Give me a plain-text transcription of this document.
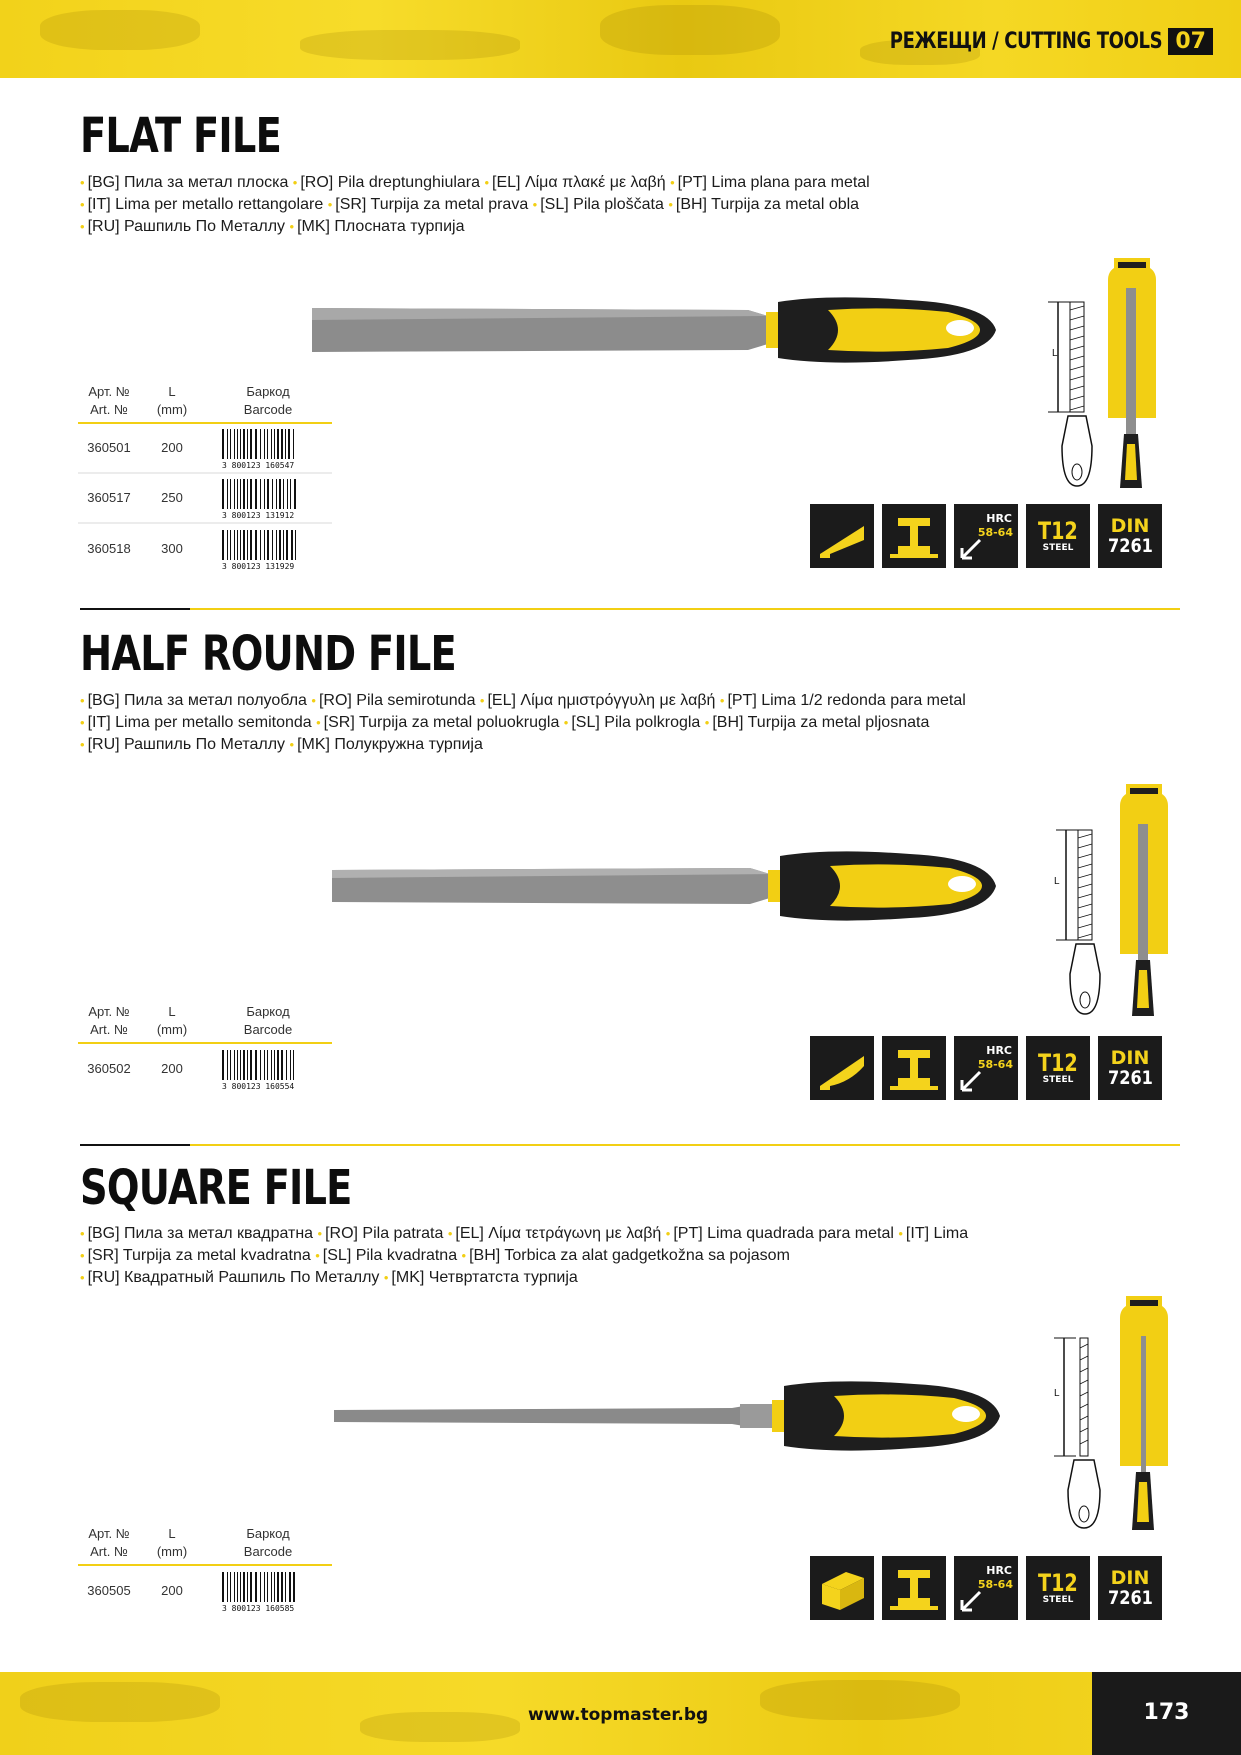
РЕЖЕЩИ / CUTTING TOOLS 07
FLAT FILE
• [BG] Пила за метал плоска • [RO] Pila dreptunghiulara • [EL] Λίμα πλακέ με λαβή • [PT] Lima plana para metal
• [IT] Lima per metallo rettangolare • [SR] Turpija za metal prava • [SL] Pila ploščata • [BH] Turpija za metal obla
• [RU] Рашпиль По Металлу • [MK] Плосната турпија
L
Арт. №
Art. №
L
(mm)
Баркод
Barcode
360501	200
3 800123 160547
360517	250
3 800123 131912
360518	300
3 800123 131929
HRC
58-64 T12
STEEL
DIN
7261
HALF ROUND FILE
• [BG] Пила за метал полуобла • [RO] Pila semirotunda • [EL] Λίμα ημιστρόγγυλη με λαβή • [PT] Lima 1/2 redonda para metal
• [IT] Lima per metallo semitonda • [SR] Turpija za metal poluokrugla • [SL] Pila polkrogla • [BH] Turpija za metal pljosnata
• [RU] Рашпиль По Металлу • [MK] Полукружна турпија
L
Арт. №
Art. №
L
(mm)
Баркод
Barcode
360502	200
3 800123 160554
HRC
58-64 T12
STEEL
DIN
7261
SQUARE FILE
• [BG] Пила за метал квадратна • [RO] Pila patrata • [EL] Λίμα τετράγωνη με λαβή • [PT] Lima quadrada para metal • [IT] Lima
• [SR] Turpija za metal kvadratna • [SL] Pila kvadratna • [BH] Torbica za alat gadgetkožna sa pojasom
• [RU] Квадратный Рашпиль По Металлу • [MK] Четвртатста турпија
L
Арт. №
Art. №
L
(mm)
Баркод
Barcode
360505	200
3 800123 160585
HRC
58-64 T12
STEEL
DIN
7261
www.topmaster.bg	173
